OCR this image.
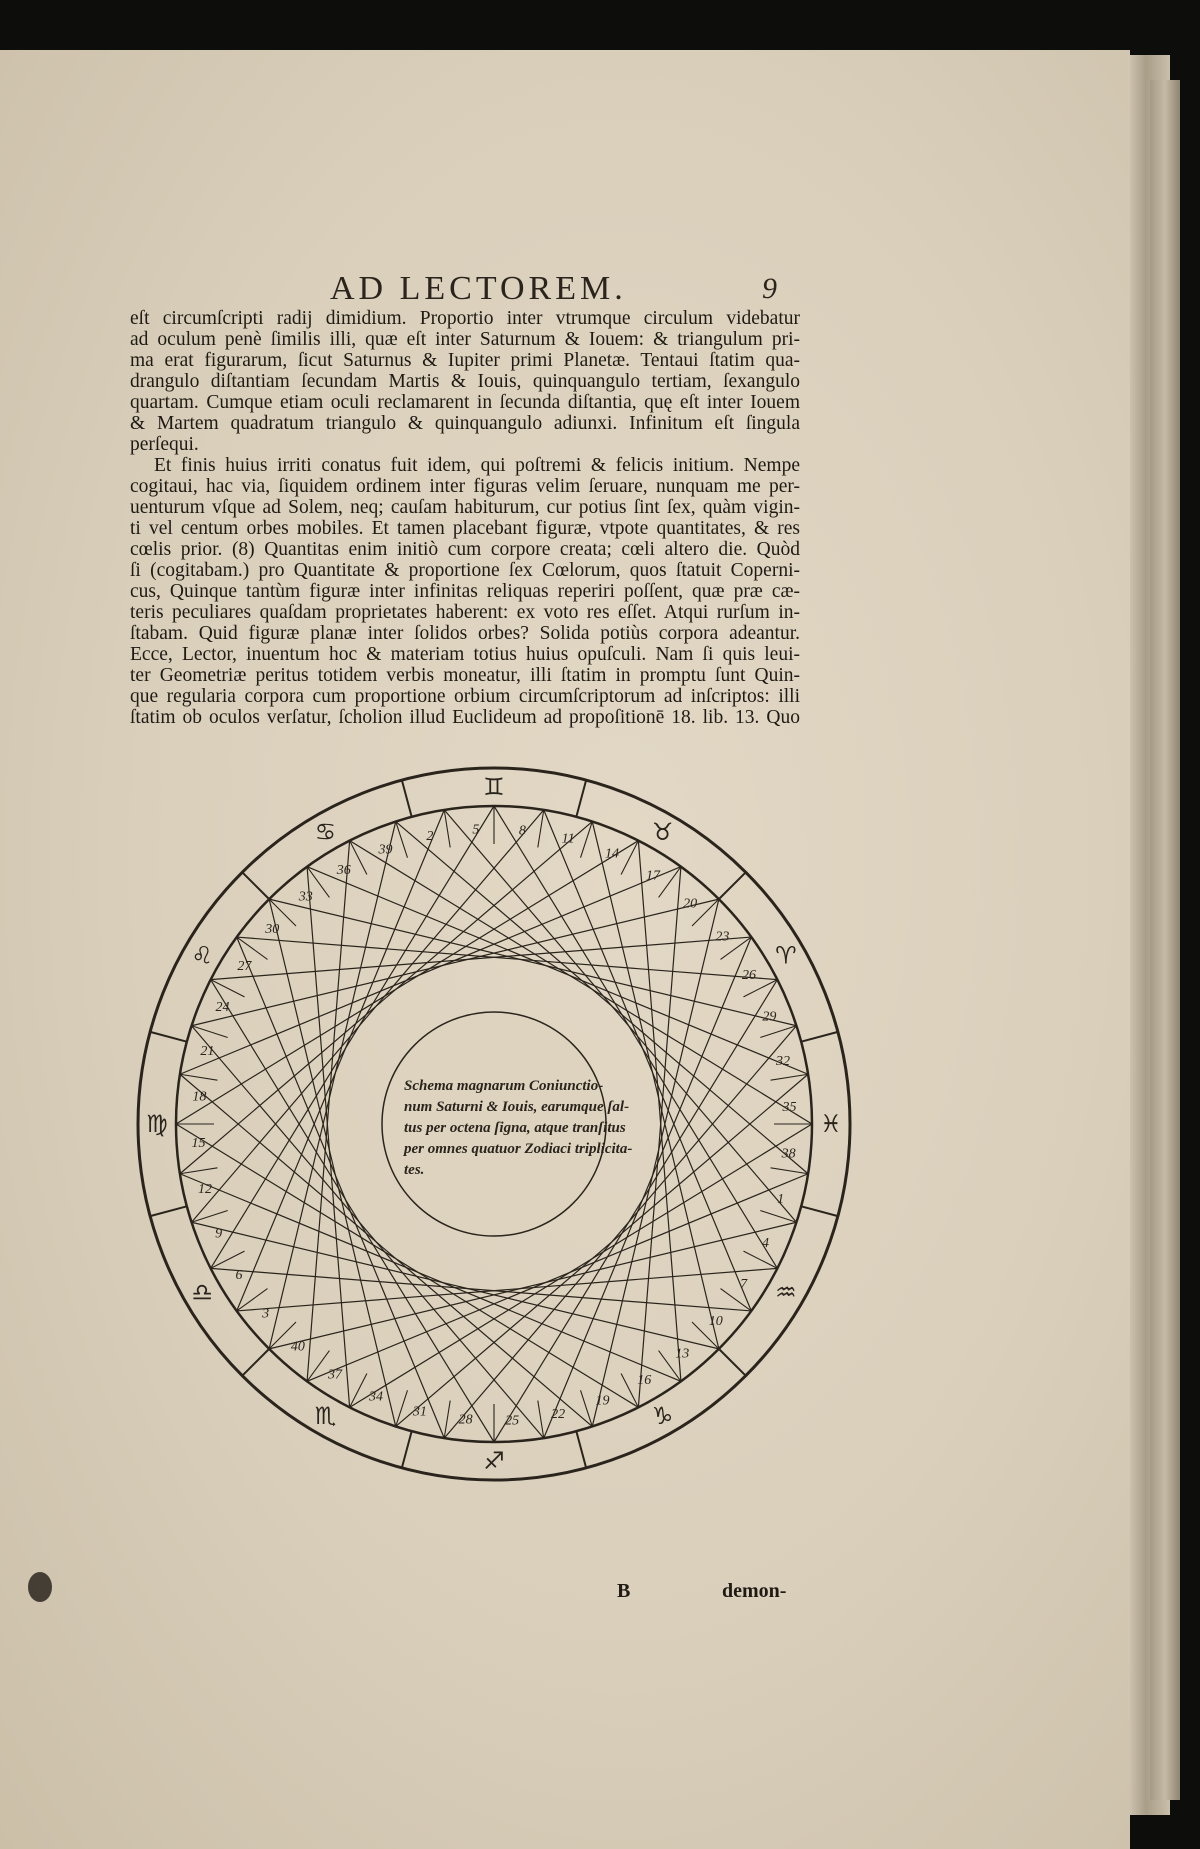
AD LECTOREM.	9
eſt circumſcripti radij dimidium. Proportio inter vtrumque circulum videbatur
ad oculum penè ſimilis illi, quæ eſt inter Saturnum & Iouem: & triangulum pri-
ma erat figurarum, ſicut Saturnus & Iupiter primi Planetæ. Tentaui ſtatim qua-
drangulo diſtantiam ſecundam Martis & Iouis, quinquangulo tertiam, ſexangulo
quartam. Cumque etiam oculi reclamarent in ſecunda diſtantia, quę eſt inter Iouem
& Martem quadratum triangulo & quinquangulo adiunxi. Infinitum eſt ſingula
perſequi.
Et finis huius irriti conatus fuit idem, qui poſtremi & felicis initium. Nempe
cogitaui, hac via, ſiquidem ordinem inter figuras velim ſeruare, nunquam me per-
uenturum vſque ad Solem, neq; cauſam habiturum, cur potius ſint ſex, quàm vigin-
ti vel centum orbes mobiles. Et tamen placebant figuræ, vtpote quantitates, & res
cœlis prior. (8) Quantitas enim initiò cum corpore creata; cœli altero die. Quòd
ſi (cogitabam.) pro Quantitate & proportione ſex Cœlorum, quos ſtatuit Coperni-
cus, Quinque tantùm figuræ inter infinitas reliquas reperiri poſſent, quæ præ cæ-
teris peculiares quaſdam proprietates haberent: ex voto res eſſet. Atqui rurſum in-
ſtabam. Quid figuræ planæ inter ſolidos orbes? Solida potiùs corpora adeantur.
Ecce, Lector, inuentum hoc & materiam totius huius opuſculi. Nam ſi quis leui-
ter Geometriæ peritus totidem verbis moneatur, illi ſtatim in promptu ſunt Quin-
que regularia corpora cum proportione orbium circumſcriptorum ad inſcriptos: illi
ſtatim ob oculos verſatur, ſcholion illud Euclideum ad propoſitionē 18. lib. 13. Quo
B	demon-
♊
♉
♈
♓
♒
♑
♐
♏
♎
♍
♌
♋
1
4
7
10
13
16
19
22
25
28
31
34
37
40
3
6
9
12
15
18
21
24
27
30
33
36
39
2	5	8
11
14
17
20
23
26
29
32
35
38
Schema magnarum Coniunctio-
num Saturni & Iouis, earumque ſal-
tus per octena ſigna, atque tranſitus
per omnes quatuor Zodiaci triplicita-
tes.
